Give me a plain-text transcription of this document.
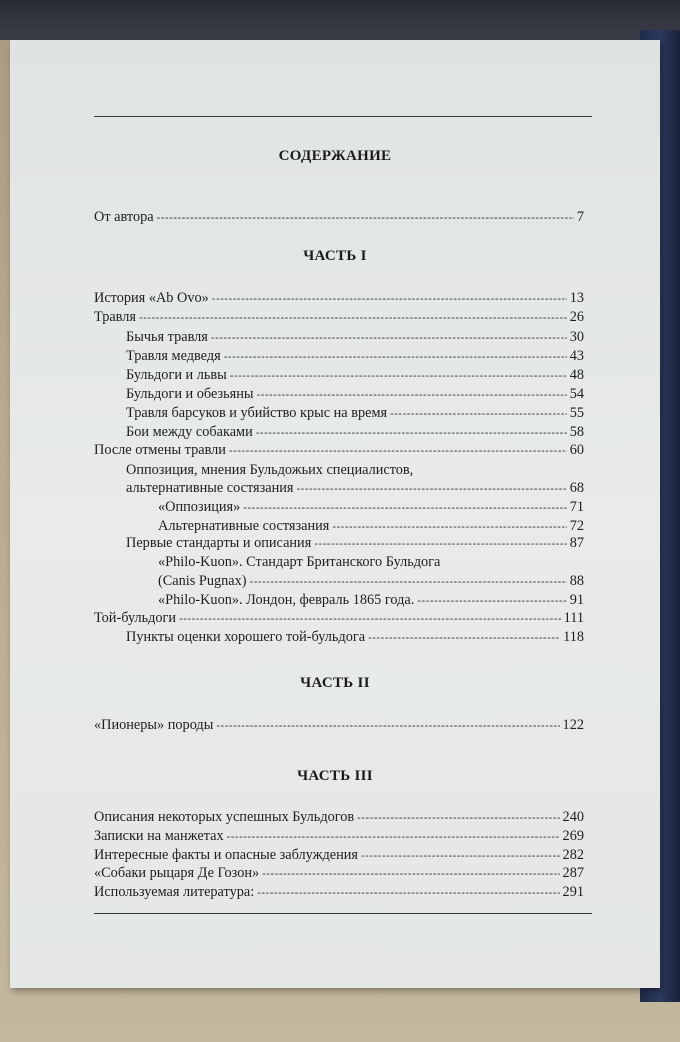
СОДЕРЖАНИЕ
От автора -----	7
ЧАСТЬ I
История «Ab Ovo» -----	13
Травля -----	26
Бычья травля -----	30
Травля медведя -----	43
Бульдоги и львы -----	48
Бульдоги и обезьяны -----	54
Травля барсуков и убийство крыс на время -----	55
Бои между собаками -----	58
После отмены травли -----	60
Оппозиция, мнения Бульдожьих специалистов,
альтернативные состязания -----	68
«Оппозиция» -----	71
Альтернативные состязания -----	72
Первые стандарты и описания -----	87
«Philo-Kuon». Стандарт Британского Бульдога
(Canis Pugnax) -----	88
«Philo-Kuon». Лондон, февраль 1865 года. -----	91
Той-бульдоги -----	111
Пункты оценки хорошего той-бульдога -----	118
ЧАСТЬ II
«Пионеры» породы -----	122
ЧАСТЬ III
Описания некоторых успешных Бульдогов -----	240
Записки на манжетах -----	269
Интересные факты и опасные заблуждения -----	282
«Собаки рыцаря Де Гозон» -----	287
Используемая литература: -----	291
